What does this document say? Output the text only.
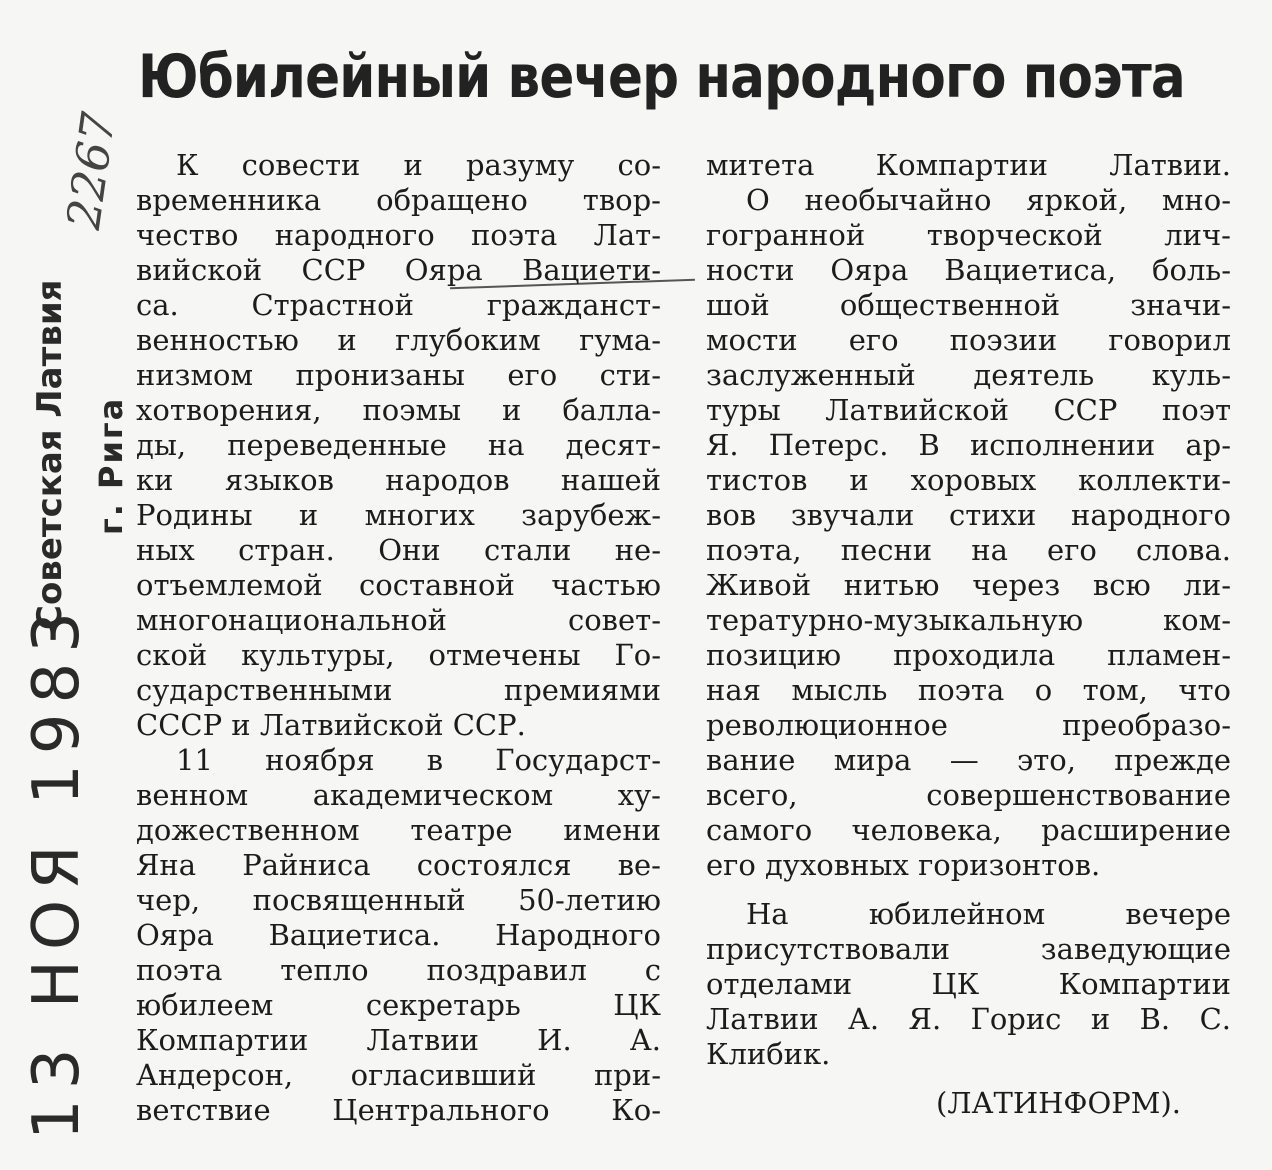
Юбилейный вечер народного поэта
13 НОЯ 1983
Советская Латвия г. Рига
2267	К совести и разуму со-
временника обращено твор-
чество народного поэта Лат-
вийской ССР Ояра Вациети-
са. Страстной гражданст-
венностью и глубоким гума-
низмом пронизаны его сти-
хотворения, поэмы и балла-
ды, переведенные на десят-
ки языков народов нашей
Родины и многих зарубеж-
ных стран. Они стали не-
отъемлемой составной частью
многонациональной совет-
ской культуры, отмечены Го-
сударственными премиями
СССР и Латвийской ССР.
11 ноября в Государст-
венном академическом ху-
дожественном театре имени
Яна Райниса состоялся ве-
чер, посвященный 50-летию
Ояра Вациетиса. Народного
поэта тепло поздравил с
юбилеем секретарь ЦК
Компартии Латвии И. А.
Андерсон, огласивший при-
ветствие Центрального Ко-
митета Компартии Латвии.
О необычайно яркой, мно-
гогранной творческой лич-
ности Ояра Вациетиса, боль-
шой общественной значи-
мости его поэзии говорил
заслуженный деятель куль-
туры Латвийской ССР поэт
Я. Петерс. В исполнении ар-
тистов и хоровых коллекти-
вов звучали стихи народного
поэта, песни на его слова.
Живой нитью через всю ли-
тературно-музыкальную ком-
позицию проходила пламен-
ная мысль поэта о том, что
революционное преобразо-
вание мира — это, прежде
всего, совершенствование
самого человека, расширение
его духовных горизонтов.
На юбилейном вечере
присутствовали заведующие
отделами ЦК Компартии
Латвии А. Я. Горис и В. С.
Клибик.
(ЛАТИНФОРМ).
